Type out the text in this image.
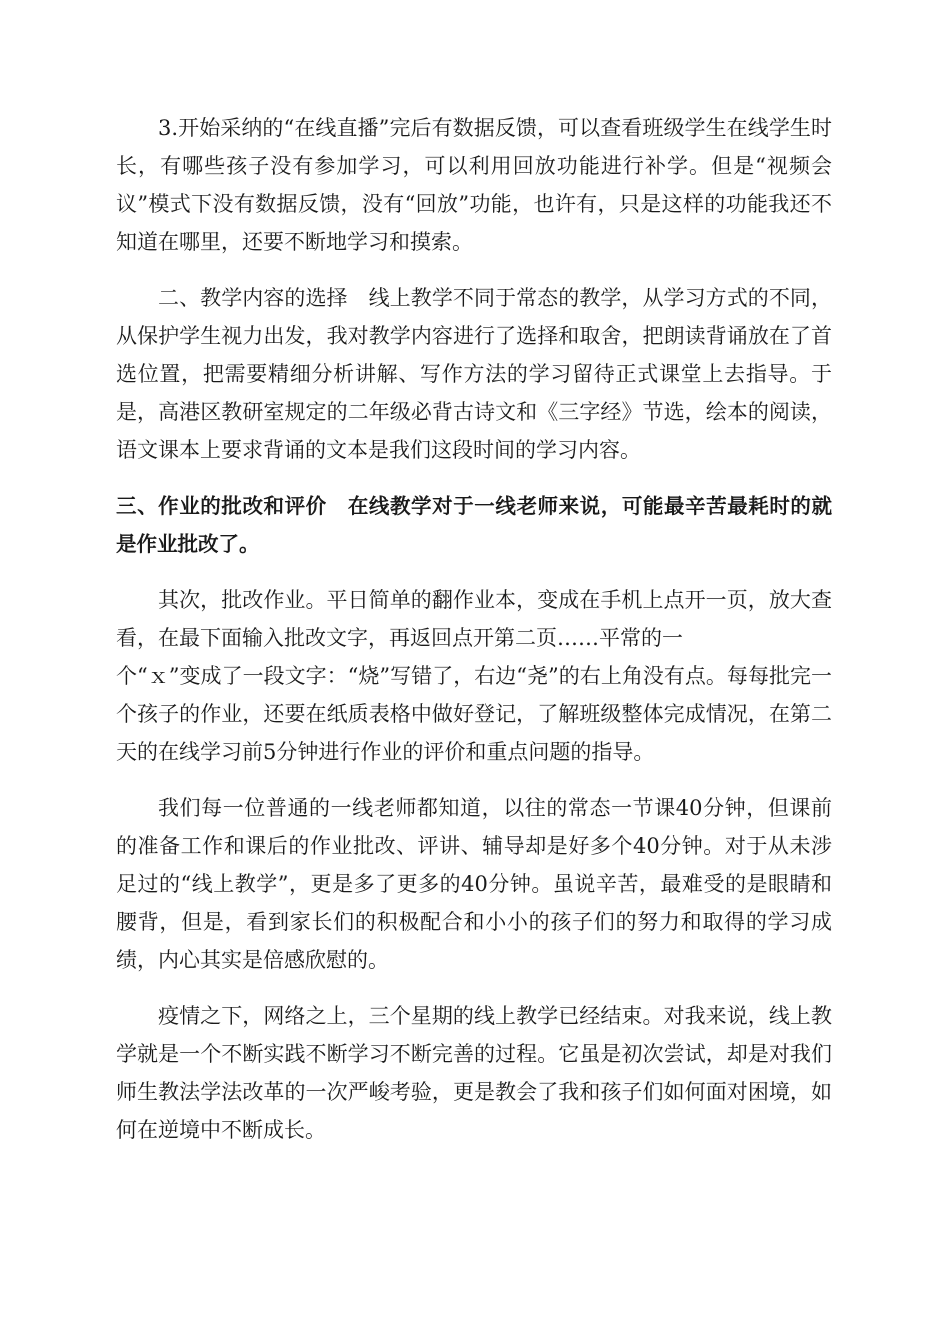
3.开始采纳的“在线直播”完后有数据反馈，可以查看班级学生在线学生时长，有哪些孩子没有参加学习，可以利用回放功能进行补学。但是“视频会议”模式下没有数据反馈，没有“回放”功能，也许有，只是这样的功能我还不知道在哪里，还要不断地学习和摸索。

二、教学内容的选择　线上教学不同于常态的教学，从学习方式的不同，从保护学生视力出发，我对教学内容进行了选择和取舍，把朗读背诵放在了首选位置，把需要精细分析讲解、写作方法的学习留待正式课堂上去指导。于是，高港区教研室规定的二年级必背古诗文和《三字经》节选，绘本的阅读，语文课本上要求背诵的文本是我们这段时间的学习内容。

三、作业的批改和评价　在线教学对于一线老师来说，可能最辛苦最耗时的就是作业批改了。

其次，批改作业。平日简单的翻作业本，变成在手机上点开一页，放大查看，在最下面输入批改文字，再返回点开第二页……平常的一
个“ｘ”变成了一段文字：“烧”写错了，右边“尧”的右上角没有点。每每批完一个孩子的作业，还要在纸质表格中做好登记，了解班级整体完成情况，在第二天的在线学习前5分钟进行作业的评价和重点问题的指导。

我们每一位普通的一线老师都知道，以往的常态一节课40分钟，但课前的准备工作和课后的作业批改、评讲、辅导却是好多个40分钟。对于从未涉足过的“线上教学”，更是多了更多的40分钟。虽说辛苦，最难受的是眼睛和腰背，但是，看到家长们的积极配合和小小的孩子们的努力和取得的学习成绩，内心其实是倍感欣慰的。

疫情之下，网络之上，三个星期的线上教学已经结束。对我来说，线上教学就是一个不断实践不断学习不断完善的过程。它虽是初次尝试，却是对我们师生教法学法改革的一次严峻考验，更是教会了我和孩子们如何面对困境，如何在逆境中不断成长。
